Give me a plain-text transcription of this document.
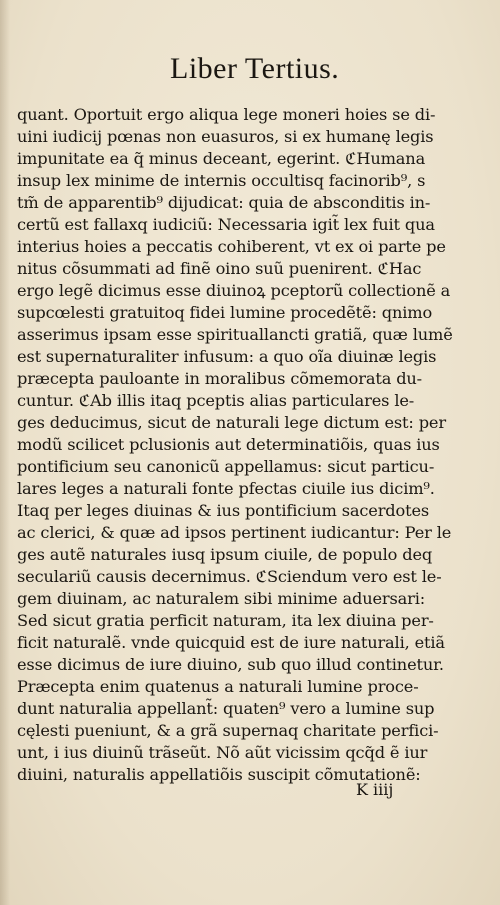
Liber Tertius.
quant. Oportuit ergo aliqua lege moneri hoies se di-
uini iudicij pœnas non euasuros, si ex humanę legis
impunitate ea q̃ minus deceant, egerint. ℭHumana
insup lex minime de internis occultisq facinorib⁹, s
tm̃ de apparentib⁹ dijudicat: quia de absconditis in-
certũ est fallaxq iudiciũ: Necessaria igit̃ lex fuit qua
interius hoies a peccatis cohiberent, vt ex oi parte pe
nitus cõsummati ad finẽ oino suũ puenirent. ℭHac
ergo legẽ dicimus esse diuinoꝝ pceptorũ collectionẽ a
supcœlesti gratuitoq fidei lumine procedẽtẽ: qnimo
asserimus ipsam esse spirituallancti gratiã, quæ lumẽ
est supernaturaliter infusum: a quo oĩa diuinæ legis
præcepta pauloante in moralibus cõmemorata du-
cuntur. ℭAb illis itaq pceptis alias particulares le-
ges deducimus, sicut de naturali lege dictum est: per
modũ scilicet pclusionis aut determinatiõis, quas ius
pontificium seu canonicũ appellamus: sicut particu-
lares leges a naturali fonte pfectas ciuile ius dicim⁹.
Itaq per leges diuinas & ius pontificium sacerdotes
ac clerici, & quæ ad ipsos pertinent iudicantur: Per le
ges autẽ naturales iusq ipsum ciuile, de populo deq
seculariũ causis decernimus. ℭSciendum vero est le-
gem diuinam, ac naturalem sibi minime aduersari:
Sed sicut gratia perficit naturam, ita lex diuina per-
ficit naturalẽ. vnde quicquid est de iure naturali, etiã
esse dicimus de iure diuino, sub quo illud continetur.
Præcepta enim quatenus a naturali lumine proce-
dunt naturalia appellant̃: quaten⁹ vero a lumine sup
cęlesti pueniunt, & a grã supernaq charitate perfici-
unt, i ius diuinũ trãseũt. Nõ aũt vicissim qcq̃d ẽ iur
diuini, naturalis appellatiõis suscipit cõmutationẽ:
K iiij
